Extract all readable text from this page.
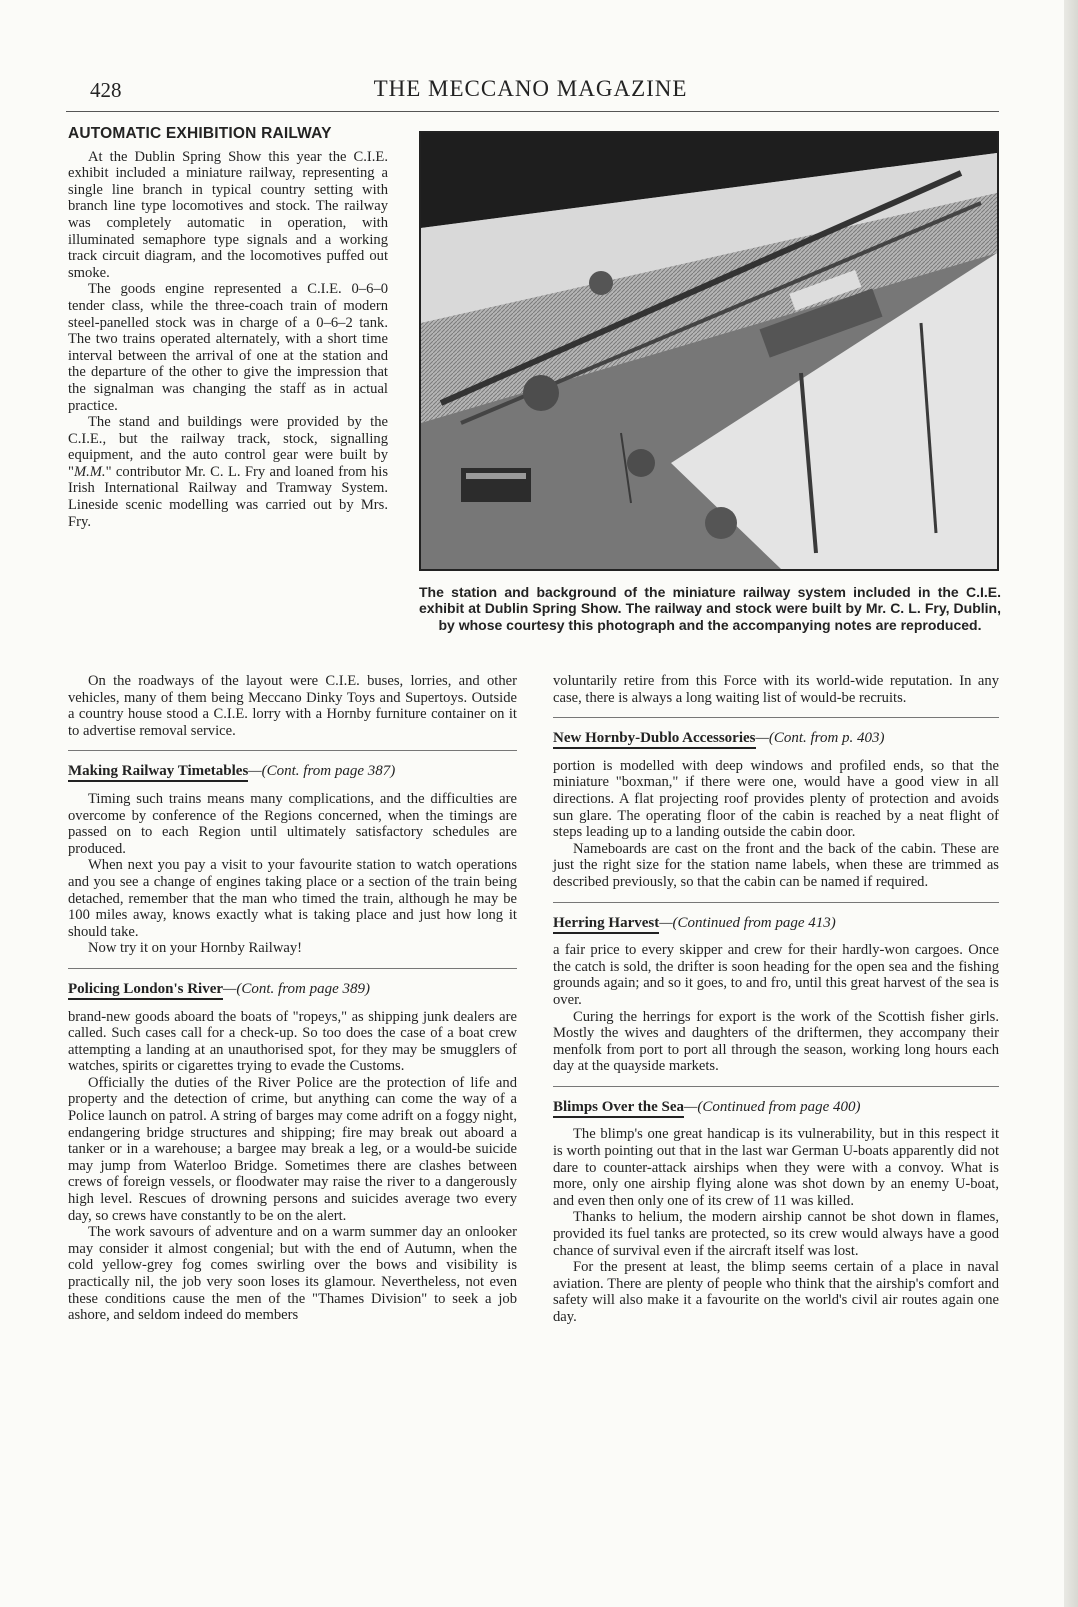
428	THE MECCANO MAGAZINE
AUTOMATIC EXHIBITION RAILWAY

At the Dublin Spring Show this year the C.I.E. exhibit included a miniature railway, representing a single line branch in typical country setting with branch line type locomotives and stock. The railway was completely automatic in operation, with illuminated semaphore type signals and a working track circuit diagram, and the locomotives puffed out smoke.

The goods engine represented a C.I.E. 0–6–0 tender class, while the three-coach train of modern steel-panelled stock was in charge of a 0–6–2 tank. The two trains operated alternately, with a short time interval between the arrival of one at the station and the departure of the other to give the impression that the signalman was changing the staff as in actual practice.

The stand and buildings were provided by the C.I.E., but the railway track, stock, signalling equipment, and the auto control gear were built by "M.M." contributor Mr. C. L. Fry and loaned from his Irish International Railway and Tramway System. Lineside scenic modelling was carried out by Mrs. Fry.

The station and background of the miniature railway system included in the C.I.E. exhibit at Dublin Spring Show. The railway and stock were built by Mr. C. L. Fry, Dublin, by whose courtesy this photograph and the accompanying notes are reproduced.

On the roadways of the layout were C.I.E. buses, lorries, and other vehicles, many of them being Meccano Dinky Toys and Supertoys. Outside a country house stood a C.I.E. lorry with a Hornby furniture container on it to advertise removal service.

Making Railway Timetables—(Cont. from page 387)

Timing such trains means many complications, and the difficulties are overcome by conference of the Regions concerned, when the timings are passed on to each Region until ultimately satisfactory schedules are produced.

When next you pay a visit to your favourite station to watch operations and you see a change of engines taking place or a section of the train being detached, remember that the man who timed the train, although he may be 100 miles away, knows exactly what is taking place and just how long it should take.

Now try it on your Hornby Railway!

Policing London's River—(Cont. from page 389)

brand-new goods aboard the boats of "ropeys," as shipping junk dealers are called. Such cases call for a check-up. So too does the case of a boat crew attempting a landing at an unauthorised spot, for they may be smugglers of watches, spirits or cigarettes trying to evade the Customs.

Officially the duties of the River Police are the protection of life and property and the detection of crime, but anything can come the way of a Police launch on patrol. A string of barges may come adrift on a foggy night, endangering bridge structures and shipping; fire may break out aboard a tanker or in a warehouse; a bargee may break a leg, or a would-be suicide may jump from Waterloo Bridge. Sometimes there are clashes between crews of foreign vessels, or floodwater may raise the river to a dangerously high level. Rescues of drowning persons and suicides average two every day, so crews have constantly to be on the alert.

The work savours of adventure and on a warm summer day an onlooker may consider it almost congenial; but with the end of Autumn, when the cold yellow-grey fog comes swirling over the bows and visibility is practically nil, the job very soon loses its glamour. Nevertheless, not even these conditions cause the men of the "Thames Division" to seek a job ashore, and seldom indeed do members

voluntarily retire from this Force with its world-wide reputation. In any case, there is always a long waiting list of would-be recruits.

New Hornby-Dublo Accessories—(Cont. from p. 403)

portion is modelled with deep windows and profiled ends, so that the miniature "boxman," if there were one, would have a good view in all directions. A flat projecting roof provides plenty of protection and avoids sun glare. The operating floor of the cabin is reached by a neat flight of steps leading up to a landing outside the cabin door.

Nameboards are cast on the front and the back of the cabin. These are just the right size for the station name labels, when these are trimmed as described previously, so that the cabin can be named if required.

Herring Harvest—(Continued from page 413)

a fair price to every skipper and crew for their hardly-won cargoes. Once the catch is sold, the drifter is soon heading for the open sea and the fishing grounds again; and so it goes, to and fro, until this great harvest of the sea is over.

Curing the herrings for export is the work of the Scottish fisher girls. Mostly the wives and daughters of the driftermen, they accompany their menfolk from port to port all through the season, working long hours each day at the quayside markets.

Blimps Over the Sea—(Continued from page 400)

The blimp's one great handicap is its vulnerability, but in this respect it is worth pointing out that in the last war German U-boats apparently did not dare to counter-attack airships when they were with a convoy. What is more, only one airship flying alone was shot down by an enemy U-boat, and even then only one of its crew of 11 was killed.

Thanks to helium, the modern airship cannot be shot down in flames, provided its fuel tanks are protected, so its crew would always have a good chance of survival even if the aircraft itself was lost.

For the present at least, the blimp seems certain of a place in naval aviation. There are plenty of people who think that the airship's comfort and safety will also make it a favourite on the world's civil air routes again one day.
